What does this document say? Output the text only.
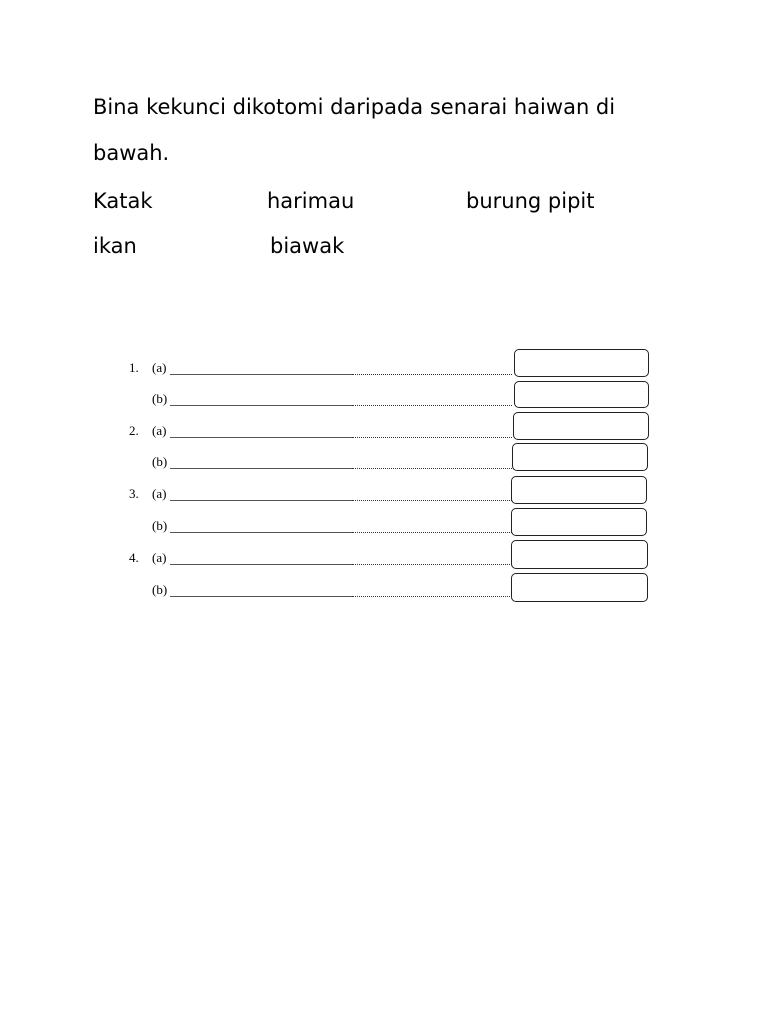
Bina kekunci dikotomi daripada senarai haiwan di bawah.

Katak	harimau	burung pipit
ikan	biawak
1. (a)
(b)
2. (a)
(b)
3. (a)
(b)
4. (a)
(b)
